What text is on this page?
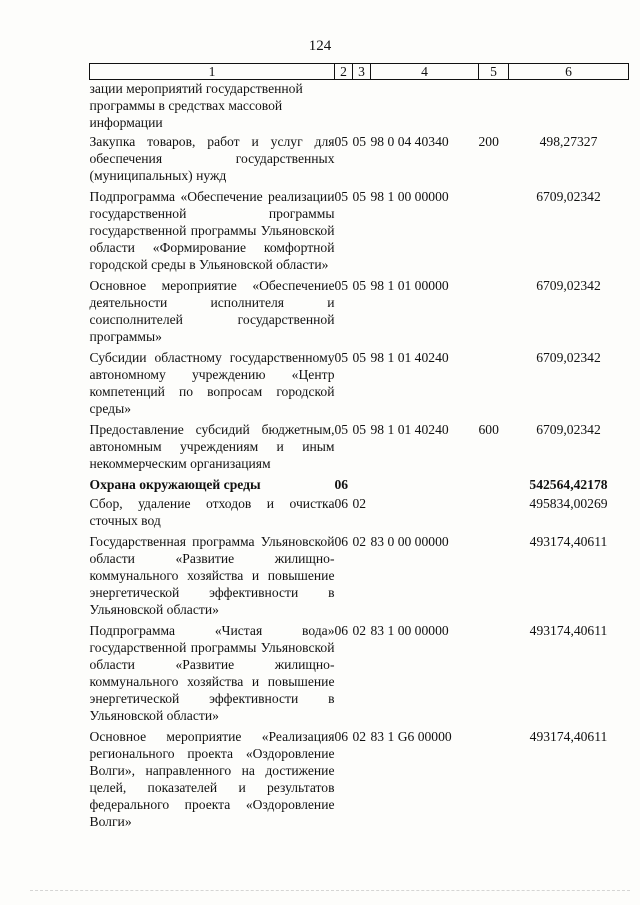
124
1	2	3	4	5	6
зации мероприятий государственной программы в средствах массовой информации					
Закупка товаров, работ и услуг для обеспечения государственных (муниципальных) нужд	05	05	98 0 04 40340	200	498,27327
Подпрограмма «Обеспечение реализации государственной программы государственной программы Ульяновской области «Формирование комфортной городской среды в Ульяновской области»	05	05	98 1 00 00000		6709,02342
Основное мероприятие «Обеспечение деятельности исполнителя и соисполнителей государственной программы»	05	05	98 1 01 00000		6709,02342
Субсидии областному государственному автономному учреждению «Центр компетенций по вопросам городской среды»	05	05	98 1 01 40240		6709,02342
Предоставление субсидий бюджетным, автономным учреждениям и иным некоммерческим организациям	05	05	98 1 01 40240	600	6709,02342
Охрана окружающей среды	06				542564,42178
Сбор, удаление отходов и очистка сточных вод	06	02			495834,00269
Государственная программа Ульяновской области «Развитие жилищно-коммунального хозяйства и повышение энергетической эффективности в Ульяновской области»	06	02	83 0 00 00000		493174,40611
Подпрограмма «Чистая вода» государственной программы Ульяновской области «Развитие жилищно-коммунального хозяйства и повышение энергетической эффективности в Ульяновской области»	06	02	83 1 00 00000		493174,40611
Основное мероприятие «Реализация регионального проекта «Оздоровление Волги», направленного на достижение целей, показателей и результатов федерального проекта «Оздоровление Волги»	06	02	83 1 G6 00000		493174,40611
